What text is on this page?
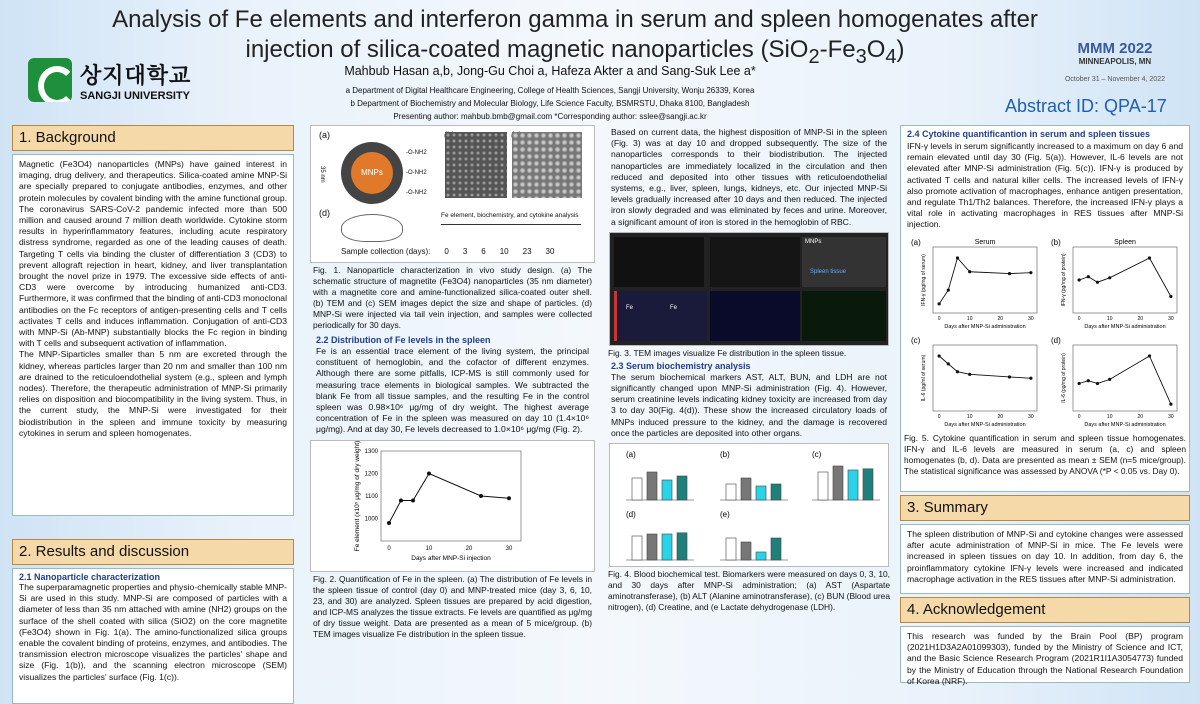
Analysis of Fe elements and interferon gamma in serum and spleen homogenates after
injection of silica-coated magnetic nanoparticles $(SiO_2-Fe_3O_4)$
상지대학교
SANGJI UNIVERSITY
Mahbub Hasan a,b, Jong-Gu Choi a, Hafeza Akter a and Sang-Suk Lee a*
a Department of Digital Healthcare Engineering, College of Health Sciences, Sangji University, Wonju 26339, Korea
b Department of Biochemistry and Molecular Biology, Life Science Faculty, BSMRSTU, Dhaka 8100, Bangladesh
Presenting author: mahbub.bmb@gmail.com *Corresponding author: sslee@sangji.ac.kr
MMM 2022
MINNEAPOLIS, MN
October 31 – November 4, 2022
Abstract ID: QPA-17
1. Background
Magnetic (Fe3O4) nanoparticles (MNPs) have gained interest in imaging, drug delivery, and therapeutics. Silica-coated amine MNP-Si are specially prepared to conjugate antibodies, enzymes, and other protein molecules by covalent binding with the amine functional group. The coronavirus SARS-CoV-2 pandemic infected more than 500 million and caused around 7 million death worldwide. Cytokine storm results in hyperinflammatory features, including acute respiratory distress syndrome, regarded as one of the leading causes of death. Targeting T cells via binding the cluster of differentiation 3 (CD3) to prevent allograft rejection in heart, kidney, and liver transplantation brought the novel prize in 1979. The excessive side effects of anti-CD3 were overcome by introducing humanized anti-CD3. Furthermore, it was confirmed that the binding of anti-CD3 monoclonal antibodies on the Fc receptors of antigen-presenting cells and T cells activates T cells and induces inflammation. Conjugation of anti-CD3 with MNP-Si (Ab-MNP) substantially blocks the Fc region in binding with T cells and subsequent activation of inflammation.
The MNP-Siparticles smaller than 5 nm are excreted through the kidney, whereas particles larger than 20 nm and smaller than 100 nm are drained to the reticuloendothelial system (e.g., spleen and lymph nodes). Therefore, the therapeutic administration of MNP-Si primarily relies on disposition and biocompatibility in the living system. Thus, in the current study, the MNP-Si were investigated for their biodistribution in the spleen and immune toxicity by measuring cytokines in serum and spleen homogenates.
2. Results and discussion
2.1 Nanoparticle characterization
The superparamagnetic properties and physio-chemically stable MNP-Si are used in this study. MNP-Si are composed of particles with a diameter of less than 35 nm attached with amine (NH2) groups on the surface of the shell coated with silica (SiO2) on the core magnetite (Fe3O4) shown in Fig. 1(a). The amino-functionalized silica groups enable the covalent binding of proteins, enzymes, and antibodies. The transmission electron microscope visualizes the particles' shape and size (Fig. 1(b)), and the scanning electron microscope (SEM) visualizes the particles' surface (Fig. 1(c)).
(a)
MNPs
35 nm
-O-NH2
-O-NH2
-O-NH2
(d)	Fe element, biochemistry, and cytokine analysis
Sample collection (days): 0 3 6 10 23 30
Fig. 1. Nanoparticle characterization in vivo study design. (a) The schematic structure of magnetite (Fe3O4) nanoparticles (35 nm diameter) with a magnetite core and amine-functionalized silica-coated outer shell. (b) TEM and (c) SEM images depict the size and shape of particles. (d) MNP-Si were injected via tail vein injection, and samples were collected periodically for 30 days.
2.2 Distribution of Fe levels in the spleen
Fe is an essential trace element of the living system, the principal constituent of hemoglobin, and the cofactor of different enzymes. Although there are some pitfalls, ICP-MS is still commonly used for measuring trace elements in biological samples. We subtracted the blank Fe from all tissue samples, and the resulting Fe in the control spleen was 0.98×10⁶ μg/mg of dry weight. The highest average concentration of Fe in the spleen was measured on day 10 (1.4×10⁶ μg/mg). And at day 30, Fe levels decreased to 1.0×10⁶ μg/mg (Fig. 2).
0	10	20	30
1000
1100
1200
1300
Days after MNP-Si injection
Fe element (x10⁵ μg/mg of dry weight)
Fig. 2. Quantification of Fe in the spleen. (a) The distribution of Fe levels in the spleen tissue of control (day 0) and MNP-treated mice (day 3, 6, 10, 23, and 30) are analyzed. Spleen tissues are prepared by acid digestion, and ICP-MS analyzes the tissue extracts. Fe levels are quantified as μg/mg of dry tissue weight. Data are presented as a mean of 5 mice/group. (b) TEM images visualize Fe distribution in the spleen tissue.
Based on current data, the highest disposition of MNP-Si in the spleen (Fig. 3) was at day 10 and dropped subsequently. The size of the nanoparticles corresponds to their biodistribution. The injected nanoparticles are immediately localized in the circulation and then reduced and deposited into other tissues with reticuloendothelial systems, e.g., liver, spleen, lungs, kidneys, etc. Our injected MNP-Si levels gradually increased after 10 days and then reduced. The injected iron slowly degraded and was eliminated by feces and urine. Moreover, a significant amount of iron is stored in the hemoglobin of RBC.
MNPs
Spleen tissue
Fe	Fe
Fig. 3. TEM images visualize Fe distribution in the spleen tissue.
2.3 Serum biochemistry analysis
The serum biochemical markers AST, ALT, BUN, and LDH are not significantly changed upon MNP-Si administration (Fig. 4). However, serum creatinine levels indicating kidney toxicity are increased from day 3 to day 30(Fig. 4(d)). These show the increased circulatory loads of MNPs induced pressure to the kidney, and the damage is recovered once the particles are deposited into other organs.
(a)	(b)	(c)
(d)	(e)
Fig. 4. Blood biochemical test. Biomarkers were measured on days 0, 3, 10, and 30 days after MNP-Si administration; (a) AST (Aspartate aminotransferase), (b) ALT (Alanine aminotransferase), (c) BUN (Blood urea nitrogen), (d) Creatine, and (e Lactate dehydrogenase (LDH).
2.4 Cytokine quantificantion in serum and spleen tissues
IFN-γ levels in serum significantly increased to a maximum on day 6 and remain elevated until day 30 (Fig. 5(a)). However, IL-6 levels are not elevated after MNP-Si administration (Fig. 5(c)). IFN-γ is produced by activated T cells and natural killer cells. The increased levels of IFN-γ also promote activation of macrophages, enhance antigen presentation, and regulate Th1/Th2 balances. Therefore, the increased IFN-γ plays a vital role in activating macrophages in RES tissues after MNP-Si injection.
(a)	Serum
0	10	20	30
Days after MNP-Si administration
IFN-γ (pg/mg of serum)
(b)	Spleen
0	10	20	30
Days after MNP-Si administration
IFN-γ (pg/mg of protein)
(c)
0	10	20	30
Days after MNP-Si administration
IL-6 (pg/ml of serum)
(d)
0	10	20	30
Days after MNP-Si administration
IL-6 (pg/mg of protein)
Fig. 5. Cytokine quantification in serum and spleen tissue homogenates. IFN-γ and IL-6 levels are measured in serum (a, c) and spleen homogenates (b, d). Data are presented as mean ± SEM (n=5 mice/group). The statistical significance was assessed by ANOVA (*P < 0.05 vs. Day 0).
3. Summary
The spleen distribution of MNP-Si and cytokine changes were assessed after acute administration of MNP-Si in mice. The Fe levels were increased in spleen tissues on day 10. In addition, from day 6, the proinflammatory cytokine IFN-γ levels were increased and indicated macrophage activation in the RES tissues after MNP-Si administration.
4. Acknowledgement
This research was funded by the Brain Pool (BP) program (2021H1D3A2A01099303), funded by the Ministry of Science and ICT, and the Basic Science Research Program (2021R1I1A3054773) funded by the Ministry of Education through the National Research Foundation of Korea (NRF).
